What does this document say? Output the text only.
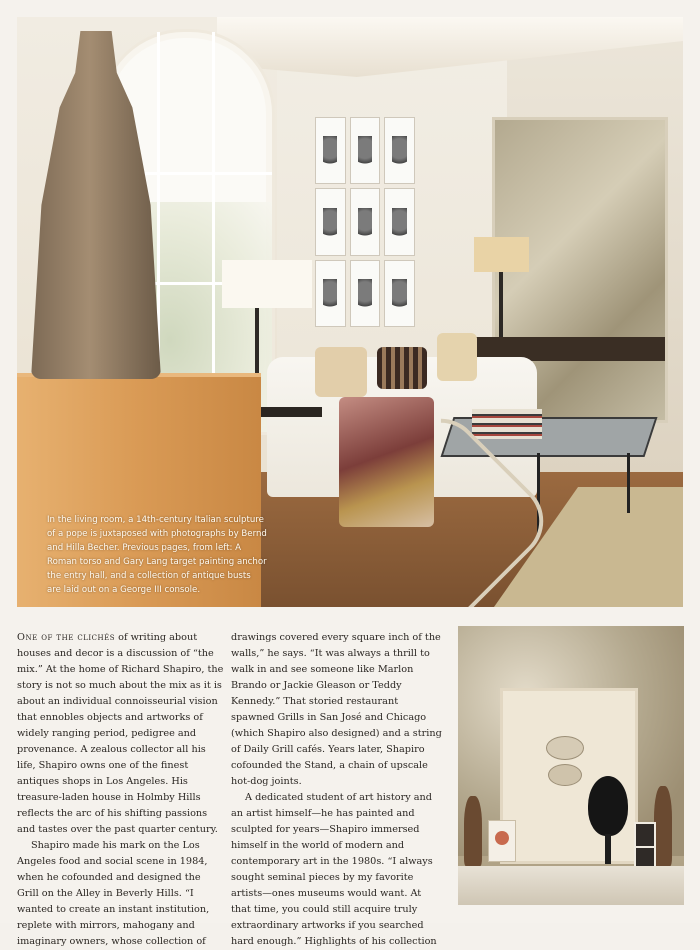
In the living room, a 14th-century Italian sculpture of a pope is juxtaposed with photographs by Bernd and Hilla Becher. Previous pages, from left: A Roman torso and Gary Lang target painting anchor the entry hall, and a collection of antique busts are laid out on a George III console.

One of the clichés of writing about houses and decor is a discussion of “the mix.” At the home of Richard Shapiro, the story is not so much about the mix as it is about an individual connoisseurial vision that ennobles objects and artworks of widely ranging period, pedigree and provenance. A zealous collector all his life, Shapiro owns one of the finest antiques shops in Los Angeles. His treasure-laden house in Holmby Hills reflects the arc of his shifting passions and tastes over the past quarter century.

Shapiro made his mark on the Los Angeles food and social scene in 1984, when he cofounded and designed the Grill on the Alley in Beverly Hills. “I wanted to create an instant institution, replete with mirrors, mahogany and imaginary owners, whose collection of

drawings covered every square inch of the walls,” he says. “It was always a thrill to walk in and see someone like Marlon Brando or Jackie Gleason or Teddy Kennedy.” That storied restaurant spawned Grills in San José and Chicago (which Shapiro also designed) and a string of Daily Grill cafés. Years later, Shapiro cofounded the Stand, a chain of upscale hot-dog joints.

A dedicated student of art history and an artist himself—he has painted and sculpted for years—Shapiro immersed himself in the world of modern and contemporary art in the 1980s. “I always sought seminal pieces by my favorite artists—ones museums would want. At that time, you could still acquire truly extraordinary artworks if you searched hard enough.” Highlights of his collection
